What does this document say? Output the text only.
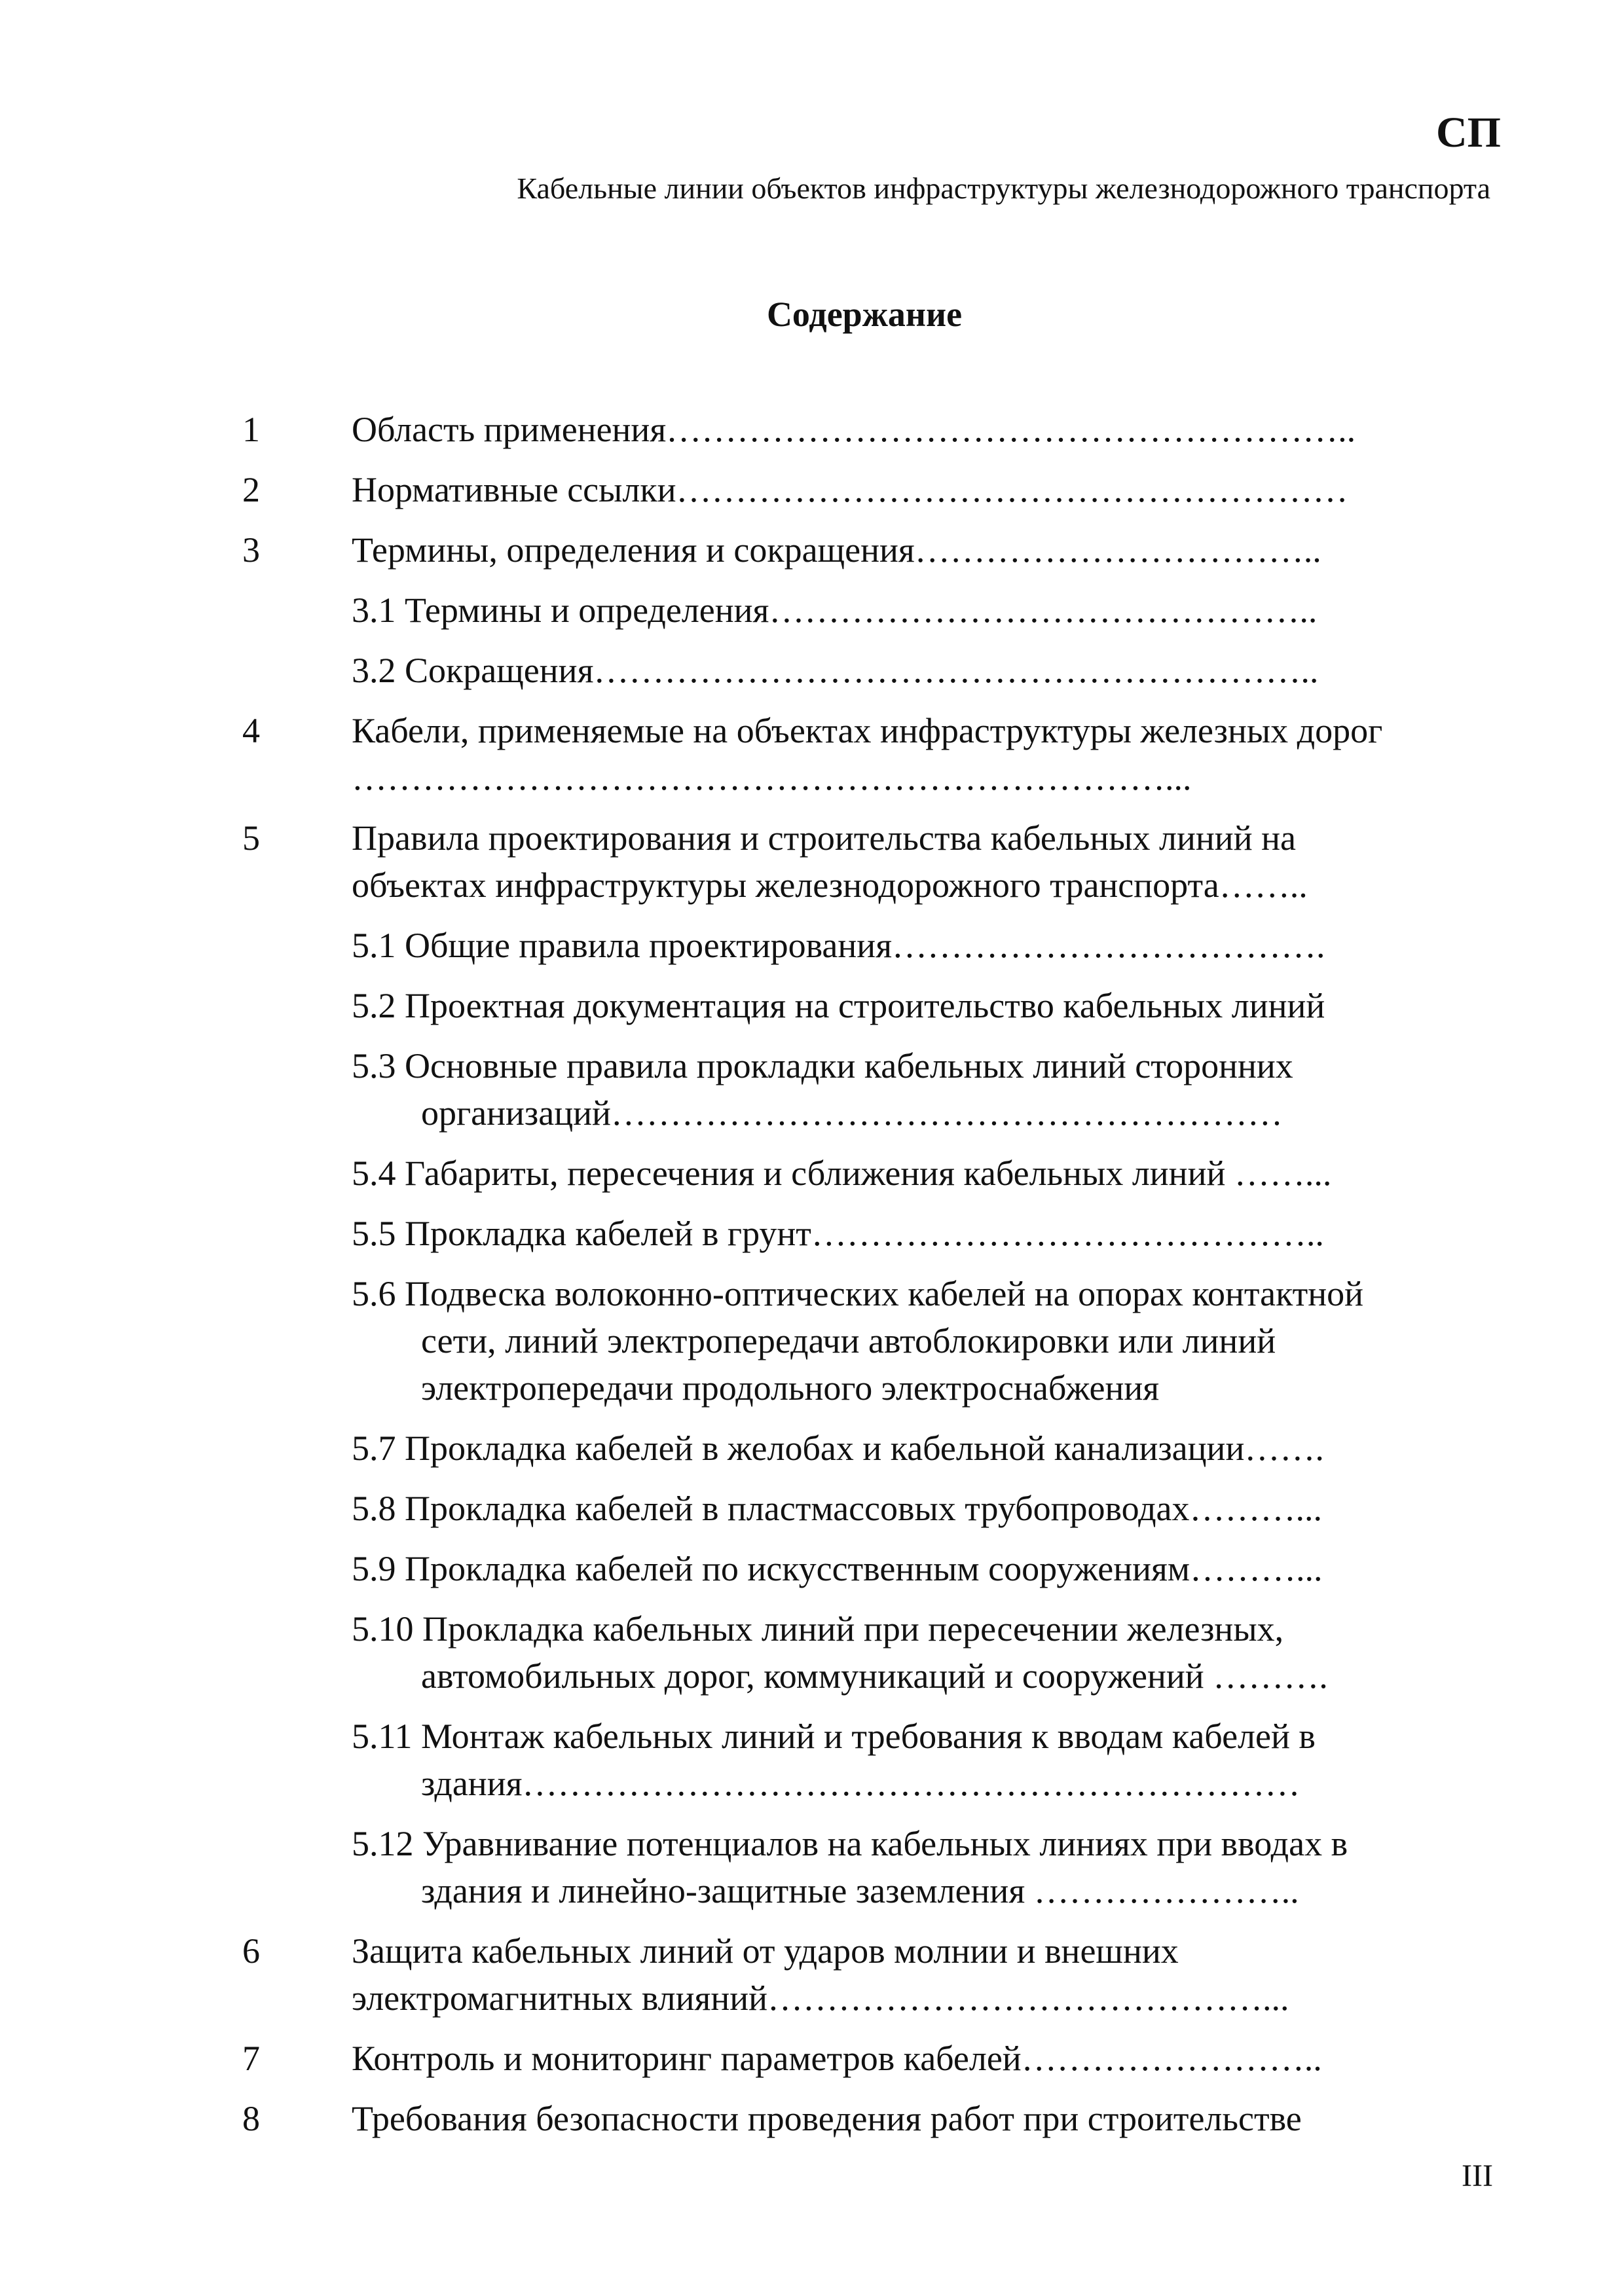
СП
Кабельные линии объектов инфраструктуры железнодорожного транспорта
Содержание
1	Область применения…………………………………………………..
2	Нормативные ссылки…………………………………………………
3	Термины, определения и сокращения……………………………..
3.1 Термины и определения………………………………………..
3.2 Сокращения……………………………………………………..
4	Кабели, применяемые на объектах инфраструктуры железных дорог ……………………………………………………………...
5	Правила проектирования и строительства кабельных линий на объектах инфраструктуры железнодорожного транспорта……..
5.1 Общие правила проектирования……………………………….
5.2 Проектная документация на строительство кабельных линий
5.3 Основные правила прокладки кабельных линий сторонних организаций…………………………………………………
5.4 Габариты, пересечения и сближения кабельных линий ……...
5.5 Прокладка кабелей в грунт……………………………………..
5.6 Подвеска волоконно-оптических кабелей на опорах контактной сети, линий электропередачи автоблокировки или линий электропередачи продольного электроснабжения
5.7 Прокладка кабелей в желобах и кабельной канализации…….
5.8 Прокладка кабелей в пластмассовых трубопроводах………...
5.9 Прокладка кабелей по искусственным сооружениям………...
5.10 Прокладка кабельных линий при пересечении железных, автомобильных дорог, коммуникаций и сооружений ……….
5.11 Монтаж кабельных линий и требования к вводам кабелей в здания…………………………………………………………
5.12 Уравнивание потенциалов на кабельных линиях при вводах в здания и линейно-защитные заземления …………………..
6	Защита кабельных линий от ударов молнии и внешних электромагнитных влияний……………………………………...
7	Контроль и мониторинг параметров кабелей……………………..
8	Требования безопасности проведения работ при строительстве
III
